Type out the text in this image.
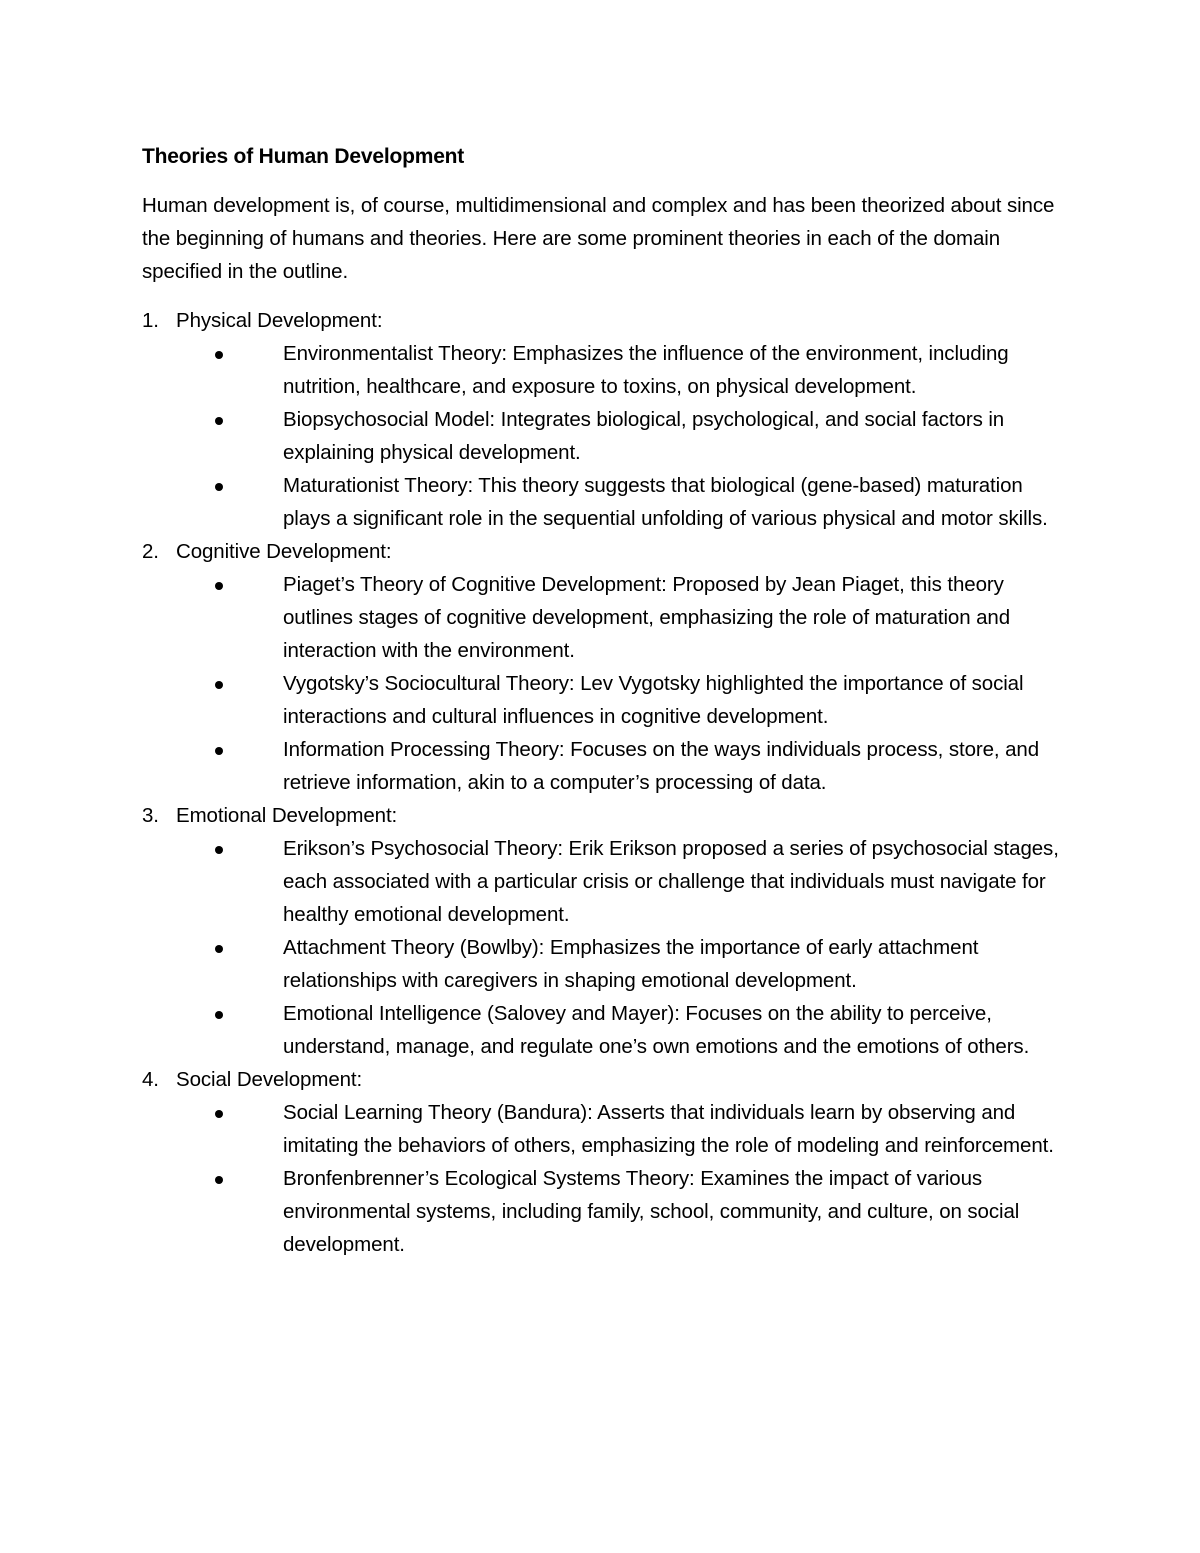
Theories of Human Development

Human development is, of course, multidimensional and complex and has been theorized about since the beginning of humans and theories. Here are some prominent theories in each of the domain specified in the outline.

1. Physical Development:
Environmentalist Theory: Emphasizes the influence of the environment, including nutrition, healthcare, and exposure to toxins, on physical development.
Biopsychosocial Model: Integrates biological, psychological, and social factors in explaining physical development.
Maturationist Theory: This theory suggests that biological (gene-based) maturation plays a significant role in the sequential unfolding of various physical and motor skills.
2. Cognitive Development:
Piaget’s Theory of Cognitive Development: Proposed by Jean Piaget, this theory outlines stages of cognitive development, emphasizing the role of maturation and interaction with the environment.
Vygotsky’s Sociocultural Theory: Lev Vygotsky highlighted the importance of social interactions and cultural influences in cognitive development.
Information Processing Theory: Focuses on the ways individuals process, store, and retrieve information, akin to a computer’s processing of data.
3. Emotional Development:
Erikson’s Psychosocial Theory: Erik Erikson proposed a series of psychosocial stages, each associated with a particular crisis or challenge that individuals must navigate for healthy emotional development.
Attachment Theory (Bowlby): Emphasizes the importance of early attachment relationships with caregivers in shaping emotional development.
Emotional Intelligence (Salovey and Mayer): Focuses on the ability to perceive, understand, manage, and regulate one’s own emotions and the emotions of others.
4. Social Development:
Social Learning Theory (Bandura): Asserts that individuals learn by observing and imitating the behaviors of others, emphasizing the role of modeling and reinforcement.
Bronfenbrenner’s Ecological Systems Theory: Examines the impact of various environmental systems, including family, school, community, and culture, on social development.
